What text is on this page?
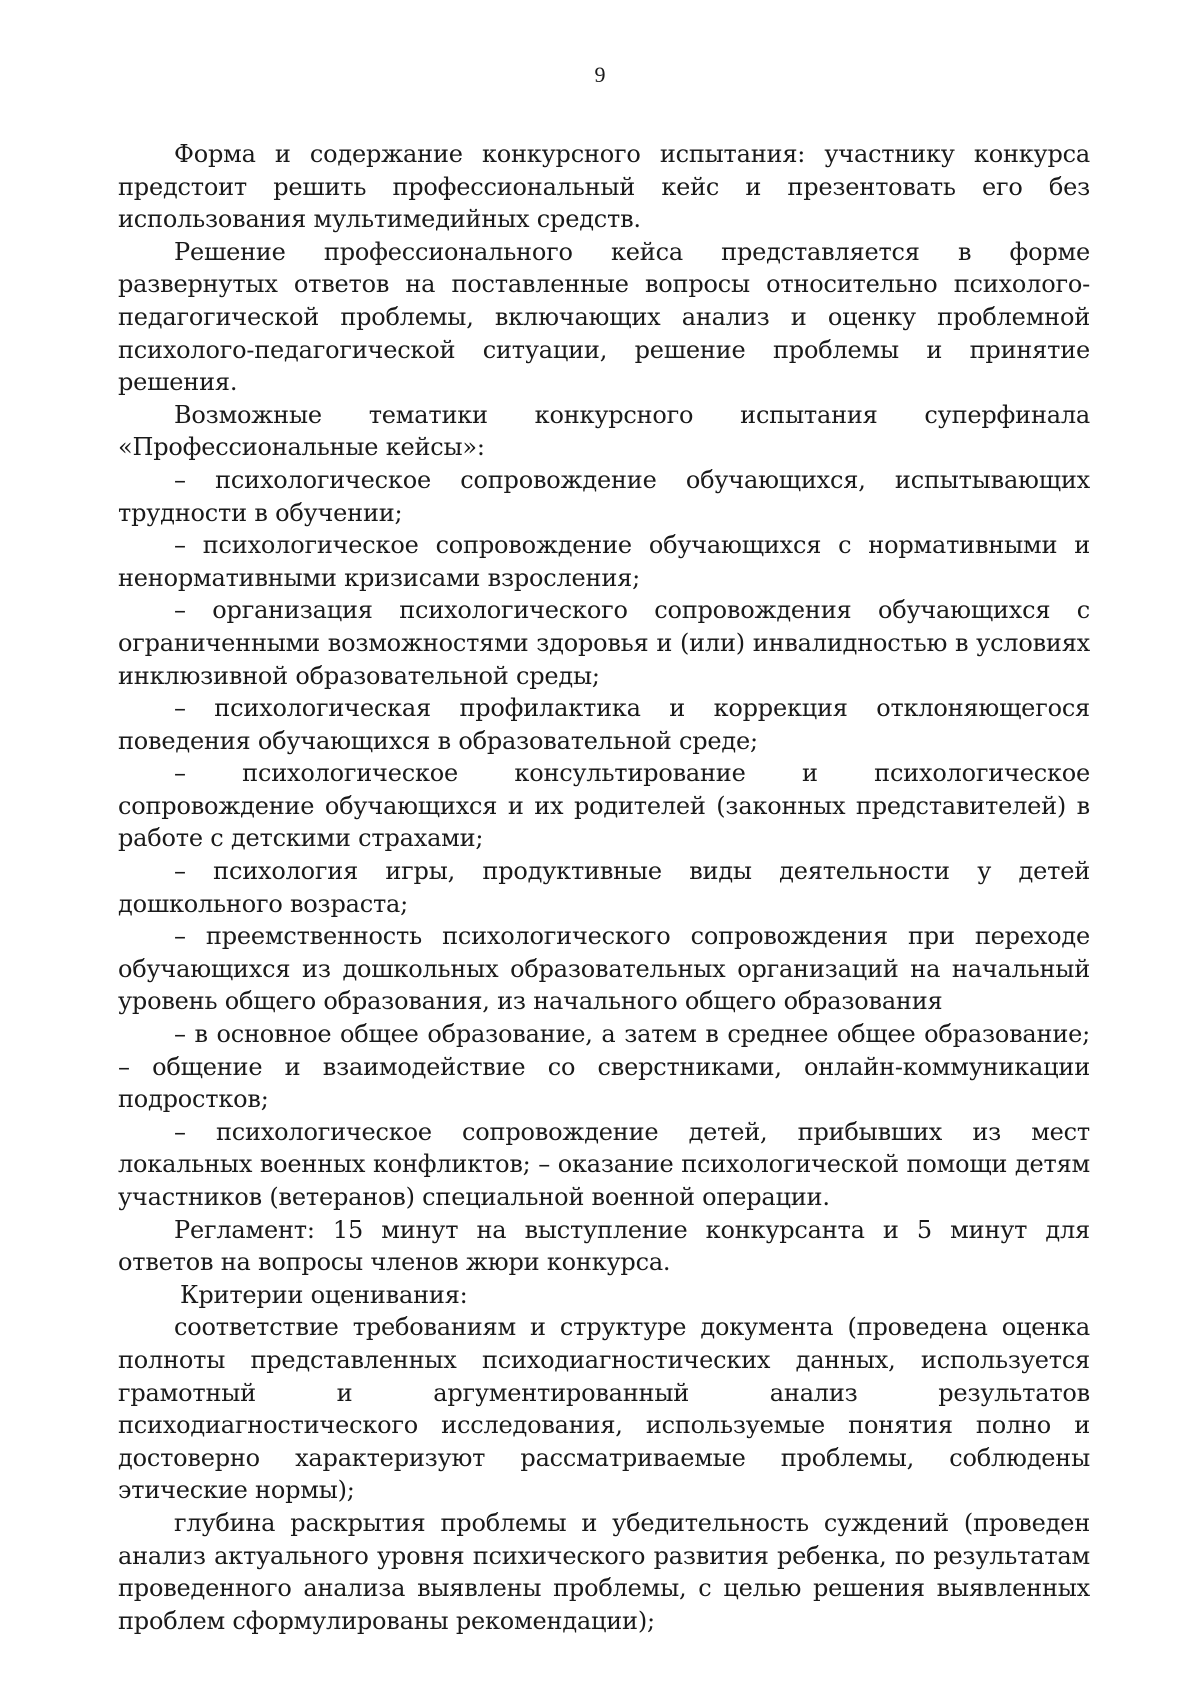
9

Форма и содержание конкурсного испытания: участнику конкурса предстоит решить профессиональный кейс и презентовать его без использования мультимедийных средств.

Решение профессионального кейса представляется в форме развернутых ответов на поставленные вопросы относительно психолого-педагогической проблемы, включающих анализ и оценку проблемной психолого-педагогической ситуации, решение проблемы и принятие решения.

Возможные тематики конкурсного испытания суперфинала «Профессиональные кейсы»:

– психологическое сопровождение обучающихся, испытывающих трудности в обучении;

– психологическое сопровождение обучающихся с нормативными и ненормативными кризисами взросления;

– организация психологического сопровождения обучающихся с ограниченными возможностями здоровья и (или) инвалидностью в условиях инклюзивной образовательной среды;

– психологическая профилактика и коррекция отклоняющегося поведения обучающихся в образовательной среде;

– психологическое консультирование и психологическое сопровождение обучающихся и их родителей (законных представителей) в работе с детскими страхами;

– психология игры, продуктивные виды деятельности у детей дошкольного возраста;

– преемственность психологического сопровождения при переходе обучающихся из дошкольных образовательных организаций на начальный уровень общего образования, из начального общего образования

– в основное общее образование, а затем в среднее общее образование; – общение и взаимодействие со сверстниками, онлайн-коммуникации подростков;

– психологическое сопровождение детей, прибывших из мест локальных военных конфликтов; – оказание психологической помощи детям участников (ветеранов) специальной военной операции.

Регламент: 15 минут на выступление конкурсанта и 5 минут для ответов на вопросы членов жюри конкурса.

Критерии оценивания:

соответствие требованиям и структуре документа (проведена оценка полноты представленных психодиагностических данных, используется грамотный и аргументированный анализ результатов психодиагностического исследования, используемые понятия полно и достоверно характеризуют рассматриваемые проблемы, соблюдены этические нормы);

глубина раскрытия проблемы и убедительность суждений (проведен анализ актуального уровня психического развития ребенка, по результатам проведенного анализа выявлены проблемы, с целью решения выявленных проблем сформулированы рекомендации);
